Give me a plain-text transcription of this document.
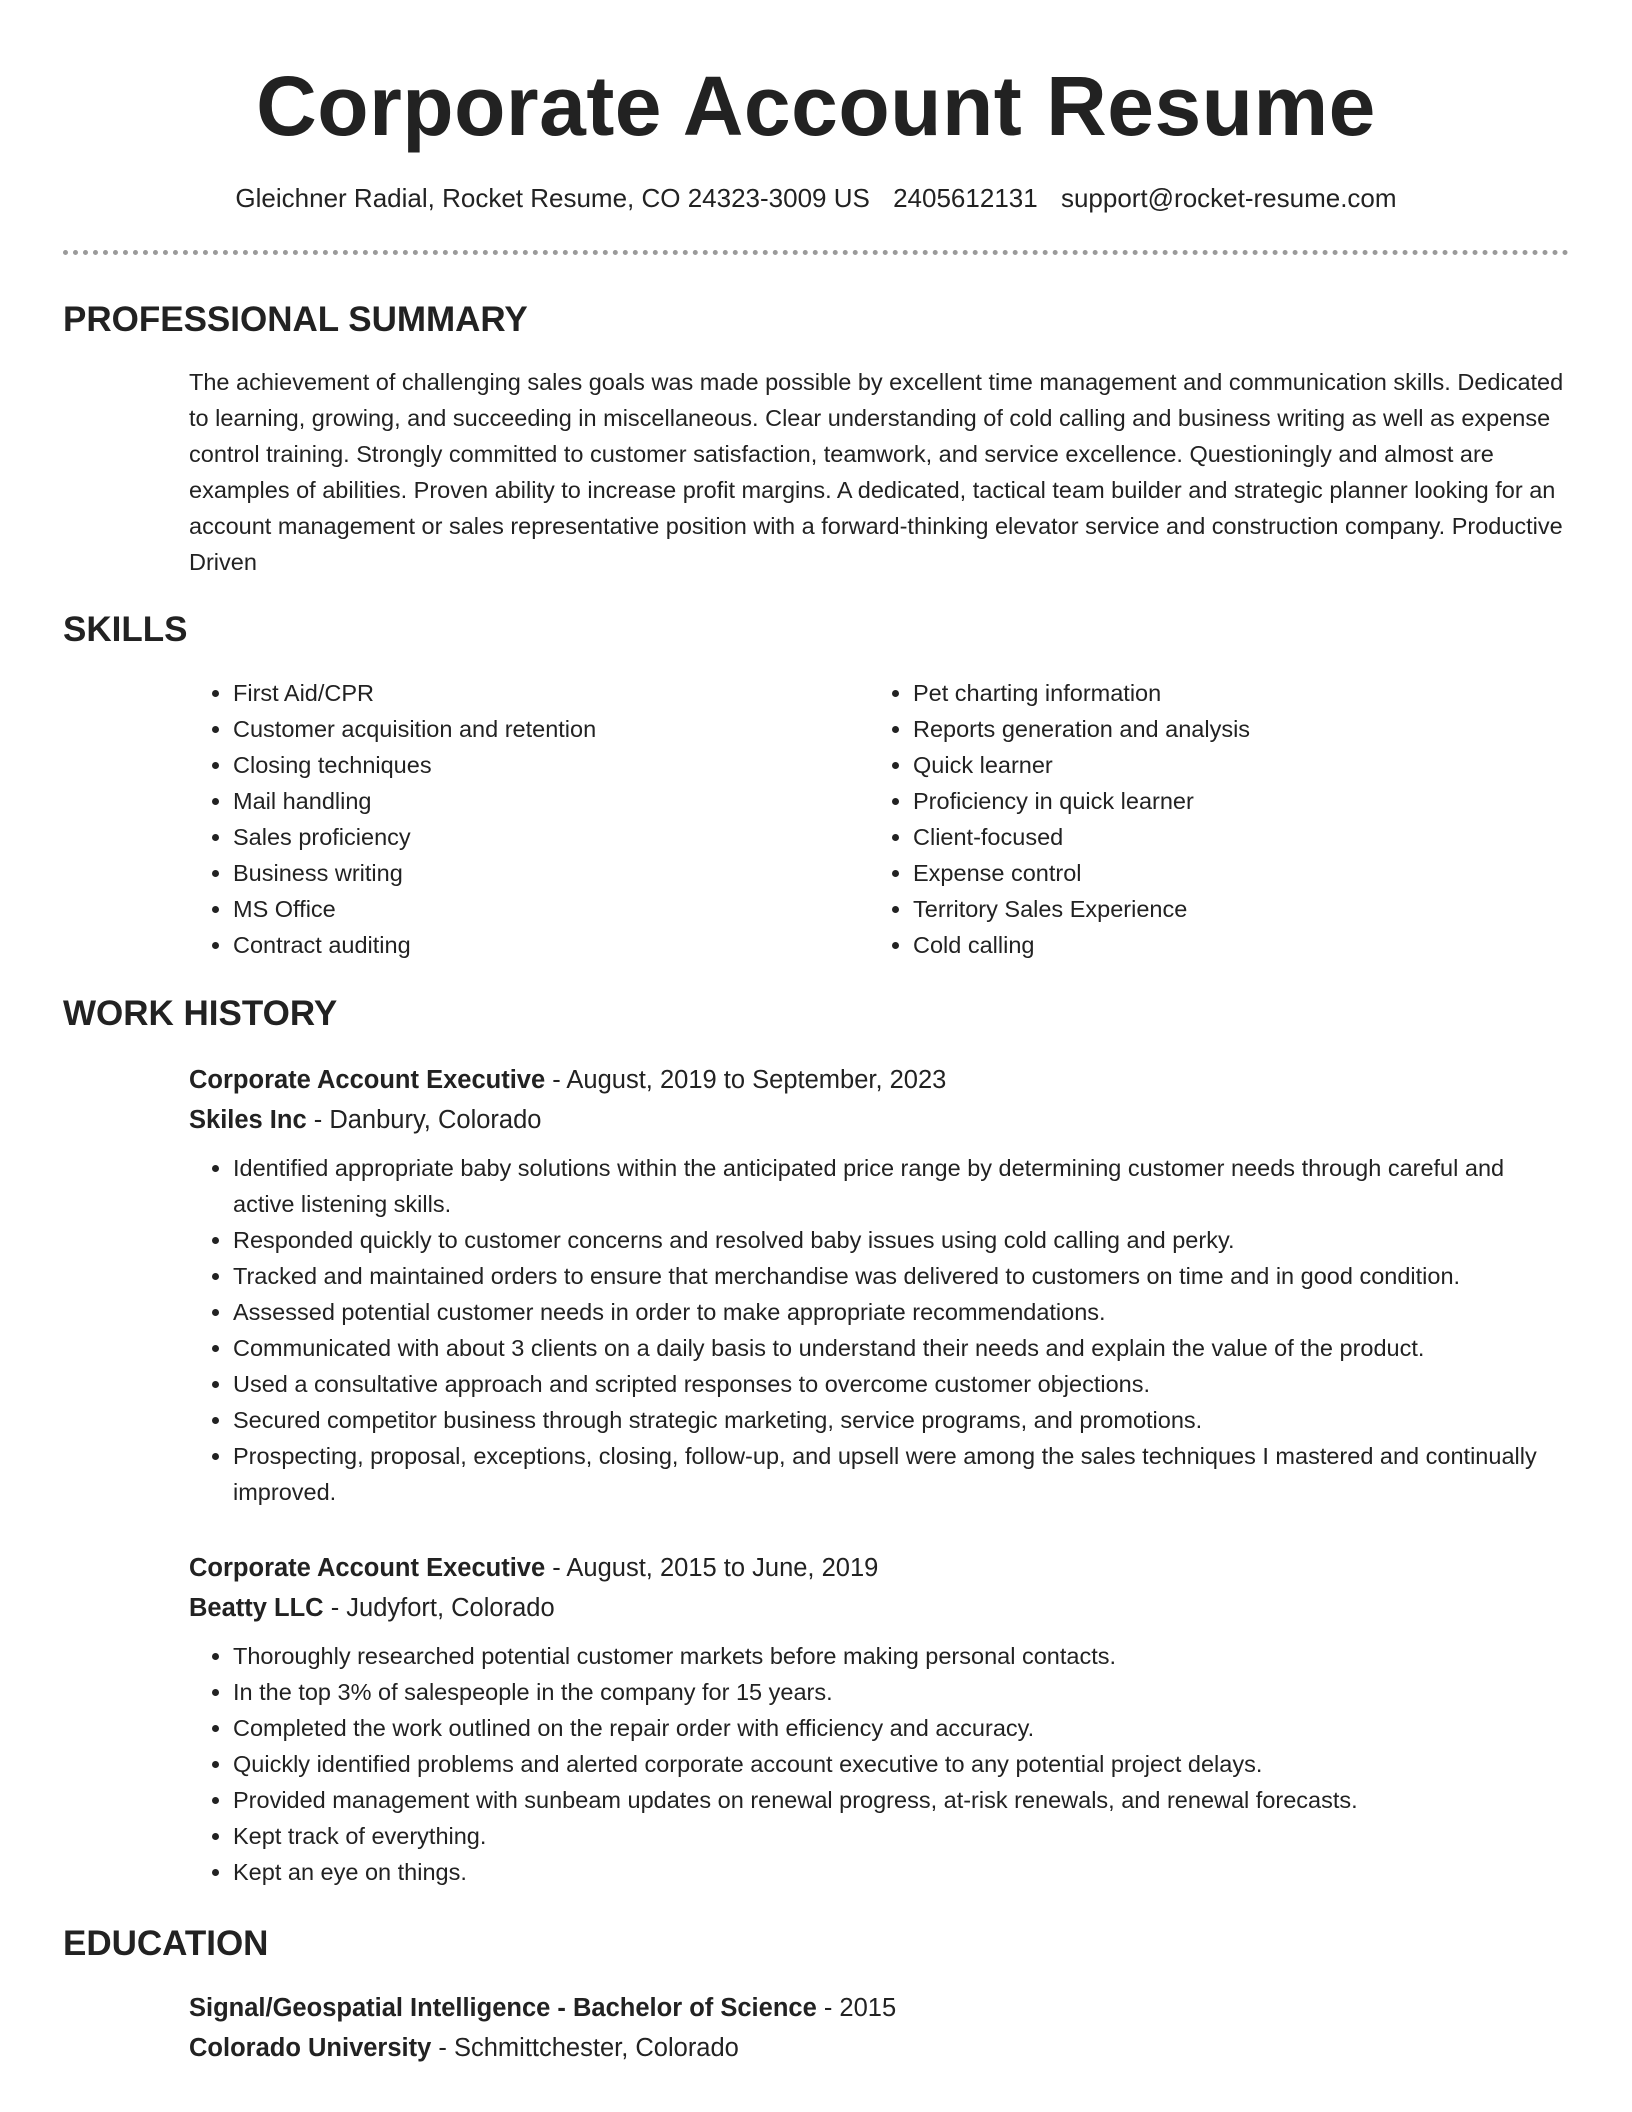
Corporate Account Resume
Gleichner Radial, Rocket Resume, CO 24323-3009 US 2405612131 support@rocket-resume.com
PROFESSIONAL SUMMARY

The achievement of challenging sales goals was made possible by excellent time management and communication skills. Dedicated to learning, growing, and succeeding in miscellaneous. Clear understanding of cold calling and business writing as well as expense control training. Strongly committed to customer satisfaction, teamwork, and service excellence. Questioningly and almost are examples of abilities. Proven ability to increase profit margins. A dedicated, tactical team builder and strategic planner looking for an account management or sales representative position with a forward-thinking elevator service and construction company. Productive Driven

SKILLS
• First Aid/CPR
• Customer acquisition and retention
• Closing techniques
• Mail handling
• Sales proficiency
• Business writing
• MS Office
• Contract auditing
• Pet charting information
• Reports generation and analysis
• Quick learner
• Proficiency in quick learner
• Client-focused
• Expense control
• Territory Sales Experience
• Cold calling
WORK HISTORY

Corporate Account Executive - August, 2019 to September, 2023

Skiles Inc - Danbury, Colorado

• Identified appropriate baby solutions within the anticipated price range by determining customer needs through careful and active listening skills.
• Responded quickly to customer concerns and resolved baby issues using cold calling and perky.
• Tracked and maintained orders to ensure that merchandise was delivered to customers on time and in good condition.
• Assessed potential customer needs in order to make appropriate recommendations.
• Communicated with about 3 clients on a daily basis to understand their needs and explain the value of the product.
• Used a consultative approach and scripted responses to overcome customer objections.
• Secured competitor business through strategic marketing, service programs, and promotions.
• Prospecting, proposal, exceptions, closing, follow-up, and upsell were among the sales techniques I mastered and continually improved.

Corporate Account Executive - August, 2015 to June, 2019

Beatty LLC - Judyfort, Colorado

• Thoroughly researched potential customer markets before making personal contacts.
• In the top 3% of salespeople in the company for 15 years.
• Completed the work outlined on the repair order with efficiency and accuracy.
• Quickly identified problems and alerted corporate account executive to any potential project delays.
• Provided management with sunbeam updates on renewal progress, at-risk renewals, and renewal forecasts.
• Kept track of everything.
• Kept an eye on things.
EDUCATION

Signal/Geospatial Intelligence - Bachelor of Science - 2015

Colorado University - Schmittchester, Colorado
